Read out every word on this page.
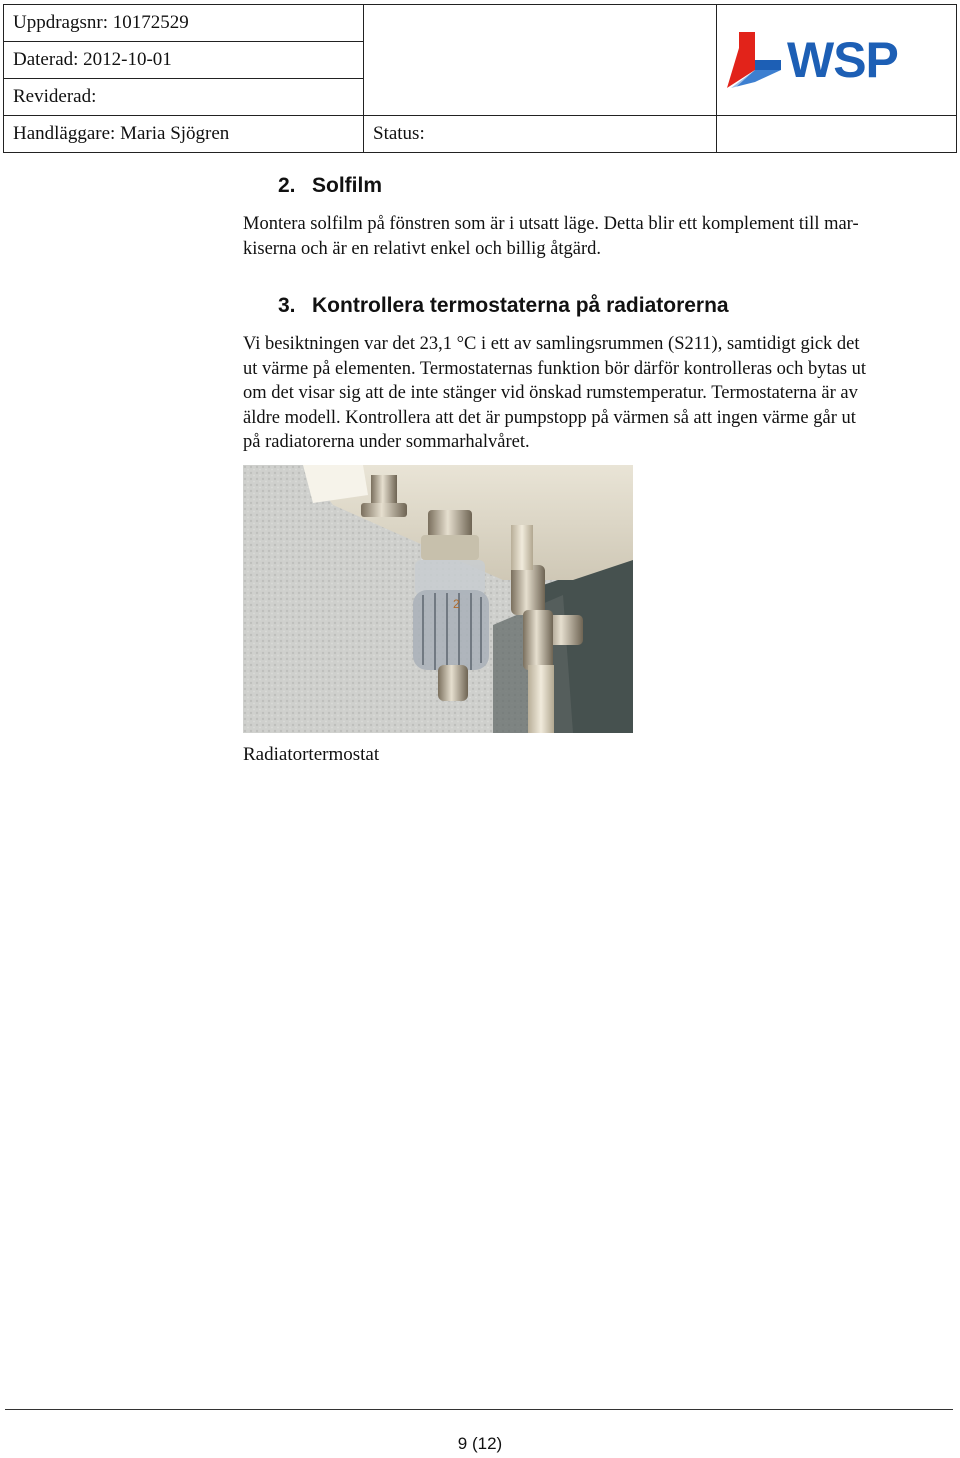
Uppdragsnr: 10172529		WSP

Daterad: 2012-10-01		
Reviderad:		
Handläggare: Maria Sjögren	Status:	
2. Solfilm
Montera solfilm på fönstren som är i utsatt läge. Detta blir ett komplement till mar-
kiserna och är en relativt enkel och billig åtgärd.
3. Kontrollera termostaterna på radiatorerna
Vi besiktningen var det 23,1 °C i ett av samlingsrummen (S211), samtidigt gick det
ut värme på elementen. Termostaternas funktion bör därför kontrolleras och bytas ut
om det visar sig att de inte stänger vid önskad rumstemperatur. Termostaterna är av
äldre modell. Kontrollera att det är pumpstopp på värmen så att ingen värme går ut
på radiatorerna under sommarhalvåret.
2

Radiatortermostat

9 (12)
